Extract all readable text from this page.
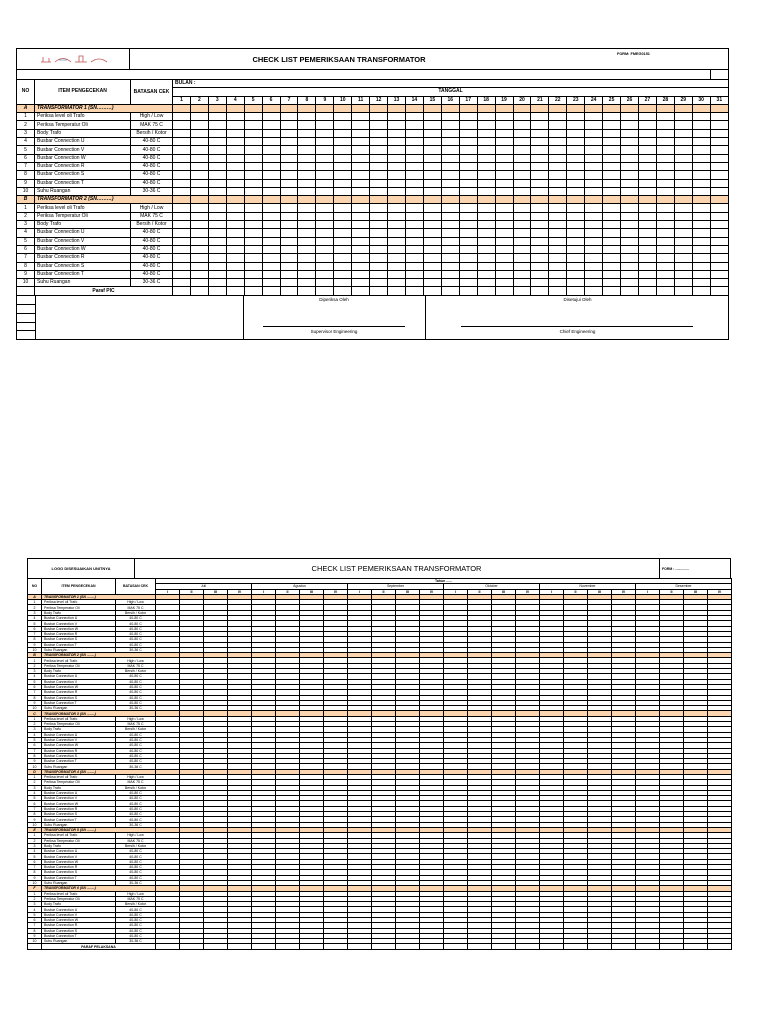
CHECK LIST PEMERIKSAAN TRANSFORMATOR
FORM: FMEG0151
NO	ITEM PENGECEKAN	BATASAN CEK	BULAN :																														
			TANGGAL																														
			1	2	3	4	5	6	7	8	9	10	11	12	13	14	15	16	17	18	19	20	21	22	23	24	25	26	27	28	29	30	31
A	TRANSFORMATOR 1 (SN………)																																
1	Periksa level oli Trafo	High / Low																															
2	Periksa Temperatur Oli	MAK 75 C																															
3	Body Trafo	Bersih / Kotor																															
4	Busbar Connection U	40-80 C																															
5	Busbar Connection V	40-80 C																															
6	Busbar Connection W	40-80 C																															
7	Busbar Connection R	40-80 C																															
8	Busbar Connection S	40-80 C																															
9	Busbar Connection T	40-80 C																															
10	Suhu Ruangan	30-36 C																															
B	TRANSFORMATOR 2 (SN………)																																
1	Periksa level oli Trafo	High / Low																															
2	Periksa Temperatur Oli	MAK 75 C																															
3	Body Trafo	Bersih / Kotor																															
4	Busbar Connection U	40-80 C																															
5	Busbar Connection V	40-80 C																															
6	Busbar Connection W	40-80 C																															
7	Busbar Connection R	40-80 C																															
8	Busbar Connection S	40-80 C																															
9	Busbar Connection T	40-80 C																															
10	Suhu Ruangan	30-36 C																															
	Paraf PIC																																
Diperiksa Oleh	Disetujui Oleh
Supervisor Engineering	Chief Engineering
LOGO DISESUAIKAN UNITNYA	CHECK LIST PEMERIKSAAN TRANSFORMATOR	FORM : ..............
NO	ITEM PENGECEKAN	BATASAN CEK	Tahun ......																							
			Juli				Agustus				September				Oktober				November				Desember			
			I	II	III	IV	I	II	III	IV	I	II	III	IV	I	II	III	IV	I	II	III	IV	I	II	III	IV
A	TRANSFORMATOR 1 (SN ........)																									
1	Periksa level oli Trafo	High / Low																								
2	Periksa Temperatur Oli	MAK 75 C																								
3	Body Trafo	Bersih / Kotor																								
4	Busbar Connection U	40-80 C																								
5	Busbar Connection V	40-80 C																								
6	Busbar Connection W	40-80 C																								
7	Busbar Connection R	40-80 C																								
8	Busbar Connection S	40-80 C																								
9	Busbar Connection T	40-80 C																								
10	Suhu Ruangan	30-36 C																								
B	TRANSFORMATOR 2 (SN ........)																									
1	Periksa level oli Trafo	High / Low																								
2	Periksa Temperatur Oli	MAK 75 C																								
3	Body Trafo	Bersih / Kotor																								
4	Busbar Connection U	40-80 C																								
5	Busbar Connection V	40-80 C																								
6	Busbar Connection W	40-80 C																								
7	Busbar Connection R	40-80 C																								
8	Busbar Connection S	40-80 C																								
9	Busbar Connection T	40-80 C																								
10	Suhu Ruangan	30-36 C																								
C	TRANSFORMATOR 3 (SN ........)																									
1	Periksa level oli Trafo	High / Low																								
2	Periksa Temperatur Oli	MAK 75 C																								
3	Body Trafo	Bersih / Kotor																								
4	Busbar Connection U	40-80 C																								
5	Busbar Connection V	40-80 C																								
6	Busbar Connection W	40-80 C																								
7	Busbar Connection R	40-80 C																								
8	Busbar Connection S	40-80 C																								
9	Busbar Connection T	40-80 C																								
10	Suhu Ruangan	30-36 C																								
D	TRANSFORMATOR 4 (SN ........)																									
1	Periksa level oli Trafo	High / Low																								
2	Periksa Temperatur Oli	MAK 75 C																								
3	Body Trafo	Bersih / Kotor																								
4	Busbar Connection U	40-80 C																								
5	Busbar Connection V	40-80 C																								
6	Busbar Connection W	40-80 C																								
7	Busbar Connection R	40-80 C																								
8	Busbar Connection S	40-80 C																								
9	Busbar Connection T	40-80 C																								
10	Suhu Ruangan	30-36 C																								
E	TRANSFORMATOR 5 (SN ........)																									
1	Periksa level oli Trafo	High / Low																								
2	Periksa Temperatur Oli	MAK 75 C																								
3	Body Trafo	Bersih / Kotor																								
4	Busbar Connection U	40-80 C																								
5	Busbar Connection V	40-80 C																								
6	Busbar Connection W	40-80 C																								
7	Busbar Connection R	40-80 C																								
8	Busbar Connection S	40-80 C																								
9	Busbar Connection T	40-80 C																								
10	Suhu Ruangan	30-36 C																								
F	TRANSFORMATOR 6 (SN ........)																									
1	Periksa level oli Trafo	High / Low																								
2	Periksa Temperatur Oli	MAK 75 C																								
3	Body Trafo	Bersih / Kotor																								
4	Busbar Connection U	40-80 C																								
5	Busbar Connection V	40-80 C																								
6	Busbar Connection W	40-80 C																								
7	Busbar Connection R	40-80 C																								
8	Busbar Connection S	40-80 C																								
9	Busbar Connection T	40-80 C																								
10	Suhu Ruangan	30-36 C																								
	PARAF PELAKSANA																									
